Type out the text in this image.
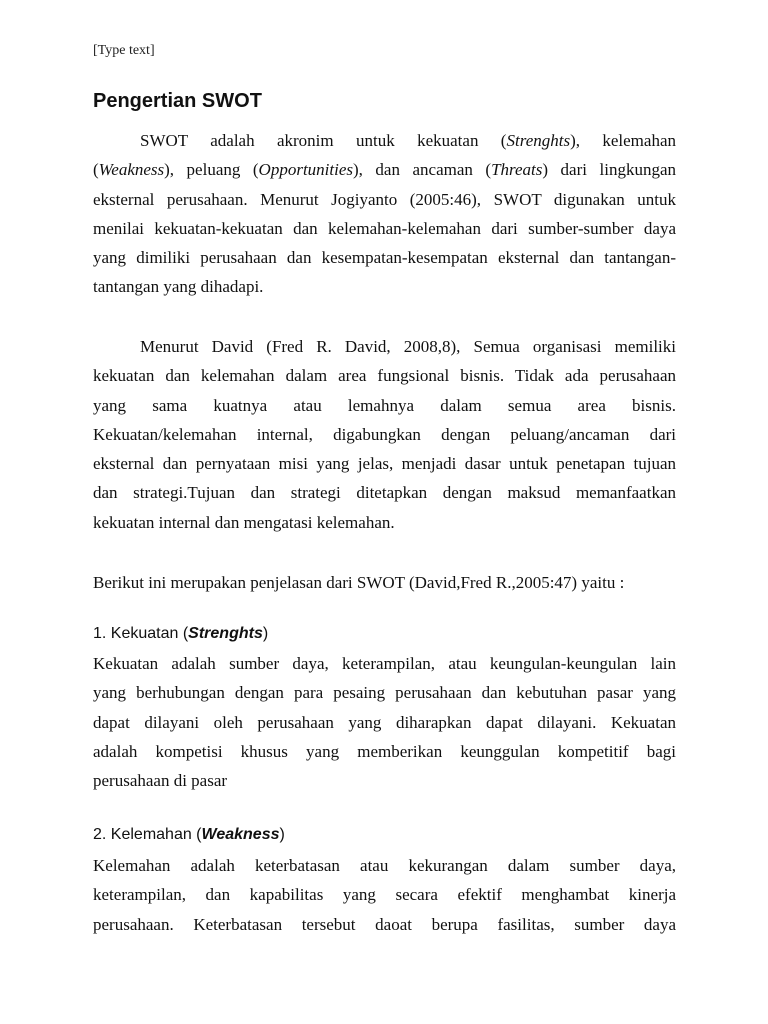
[Type text]
Pengertian SWOT
SWOT adalah akronim untuk kekuatan (Strenghts), kelemahan
(Weakness), peluang (Opportunities), dan ancaman (Threats) dari lingkungan
eksternal perusahaan. Menurut Jogiyanto (2005:46), SWOT digunakan untuk
menilai kekuatan-kekuatan dan kelemahan-kelemahan dari sumber-sumber daya
yang dimiliki perusahaan dan kesempatan-kesempatan eksternal dan tantangan-
tantangan yang dihadapi.
Menurut David (Fred R. David, 2008,8), Semua organisasi memiliki
kekuatan dan kelemahan dalam area fungsional bisnis. Tidak ada perusahaan
yang sama kuatnya atau lemahnya dalam semua area bisnis.
Kekuatan/kelemahan internal, digabungkan dengan peluang/ancaman dari
eksternal dan pernyataan misi yang jelas, menjadi dasar untuk penetapan tujuan
dan strategi.Tujuan dan strategi ditetapkan dengan maksud memanfaatkan
kekuatan internal dan mengatasi kelemahan.
Berikut ini merupakan penjelasan dari SWOT (David,Fred R.,2005:47) yaitu :
1. Kekuatan (Strenghts)
Kekuatan adalah sumber daya, keterampilan, atau keungulan-keungulan lain
yang berhubungan dengan para pesaing perusahaan dan kebutuhan pasar yang
dapat dilayani oleh perusahaan yang diharapkan dapat dilayani. Kekuatan
adalah kompetisi khusus yang memberikan keunggulan kompetitif bagi
perusahaan di pasar
2. Kelemahan (Weakness)
Kelemahan adalah keterbatasan atau kekurangan dalam sumber daya,
keterampilan, dan kapabilitas yang secara efektif menghambat kinerja
perusahaan. Keterbatasan tersebut daoat berupa fasilitas, sumber daya
